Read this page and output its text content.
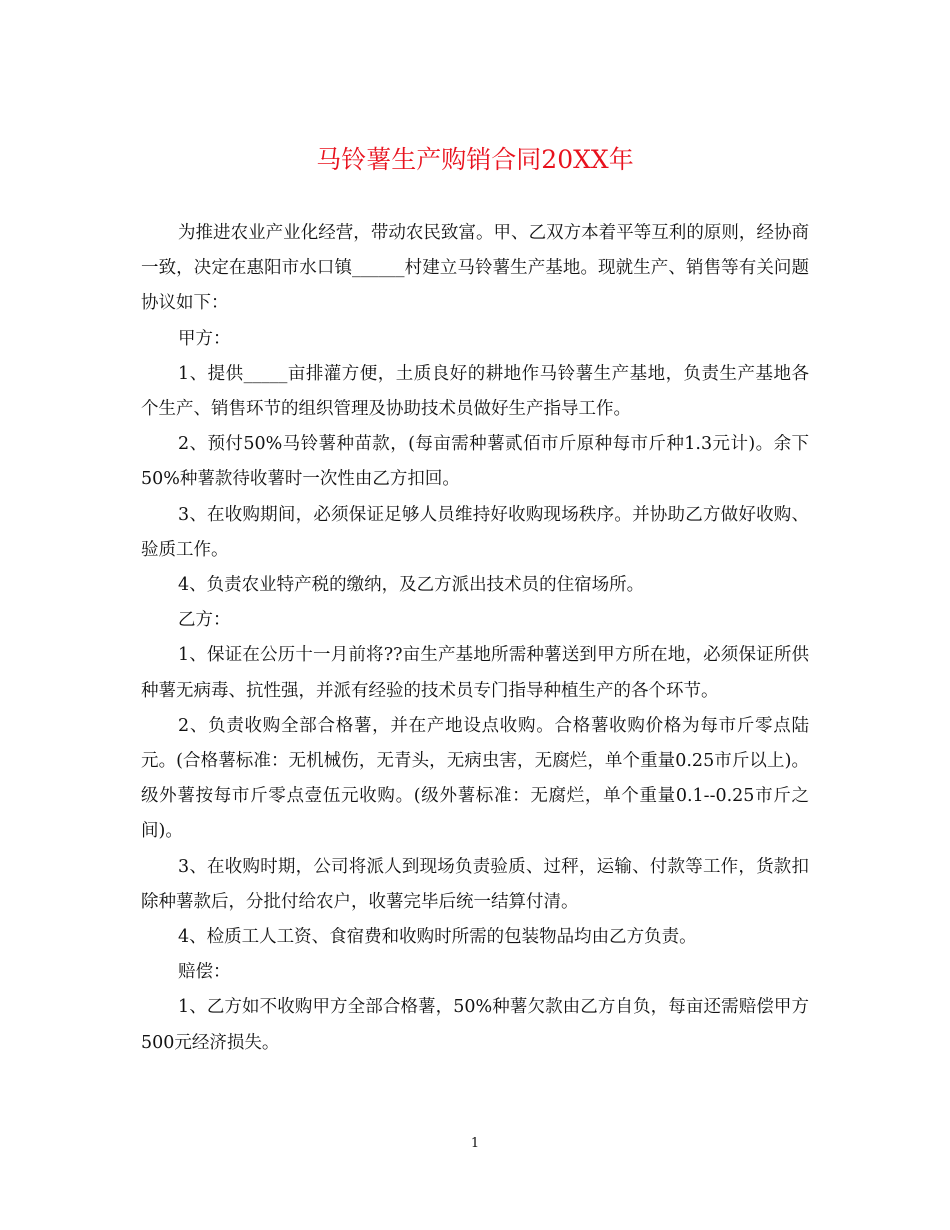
马铃薯生产购销合同20XX年

为推进农业产业化经营，带动农民致富。甲、乙双方本着平等互利的原则，经协商一致，决定在惠阳市水口镇______村建立马铃薯生产基地。现就生产、销售等有关问题协议如下：

甲方：

1、提供_____亩排灌方便，土质良好的耕地作马铃薯生产基地，负责生产基地各个生产、销售环节的组织管理及协助技术员做好生产指导工作。

2、预付50%马铃薯种苗款，(每亩需种薯贰佰市斤原种每市斤种1.3元计)。余下50%种薯款待收薯时一次性由乙方扣回。

3、在收购期间，必须保证足够人员维持好收购现场秩序。并协助乙方做好收购、验质工作。

4、负责农业特产税的缴纳，及乙方派出技术员的住宿场所。

乙方：

1、保证在公历十一月前将??亩生产基地所需种薯送到甲方所在地，必须保证所供种薯无病毒、抗性强，并派有经验的技术员专门指导种植生产的各个环节。

2、负责收购全部合格薯，并在产地设点收购。合格薯收购价格为每市斤零点陆元。(合格薯标准：无机械伤，无青头，无病虫害，无腐烂，单个重量0.25市斤以上)。级外薯按每市斤零点壹伍元收购。(级外薯标准：无腐烂，单个重量0.1--0.25市斤之间)。

3、在收购时期，公司将派人到现场负责验质、过秤，运输、付款等工作，货款扣除种薯款后，分批付给农户，收薯完毕后统一结算付清。

4、检质工人工资、食宿费和收购时所需的包装物品均由乙方负责。

赔偿：

1、乙方如不收购甲方全部合格薯，50%种薯欠款由乙方自负，每亩还需赔偿甲方500元经济损失。

1
